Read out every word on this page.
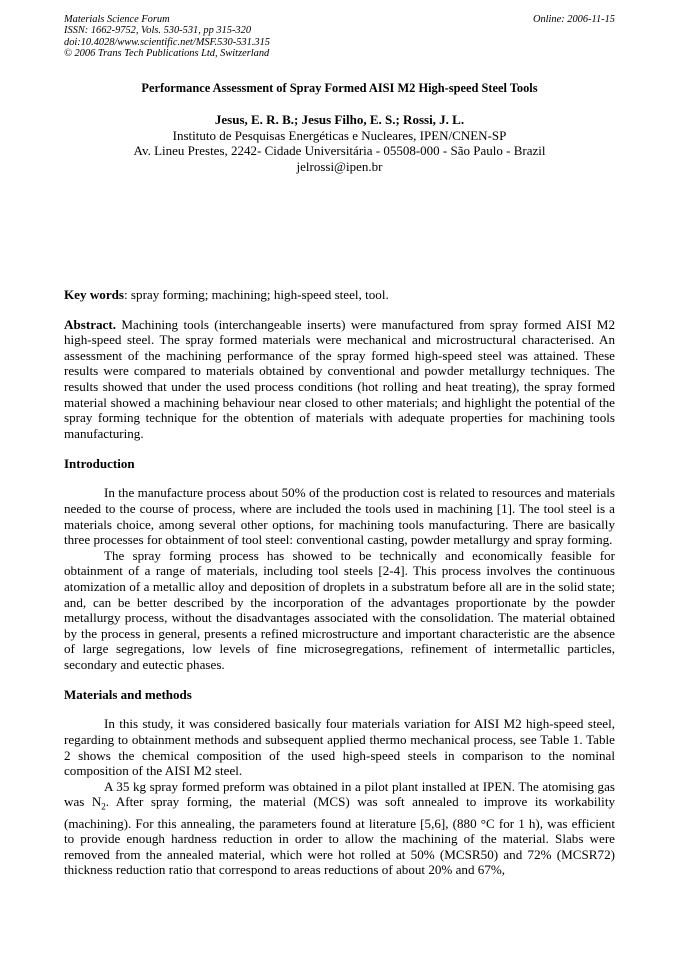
Materials Science Forum	Online: 2006-11-15
ISSN: 1662-9752, Vols. 530-531, pp 315-320
doi:10.4028/www.scientific.net/MSF.530-531.315
© 2006 Trans Tech Publications Ltd, Switzerland
Performance Assessment of Spray Formed AISI M2 High-speed Steel Tools
Jesus, E. R. B.; Jesus Filho, E. S.; Rossi, J. L.
Instituto de Pesquisas Energéticas e Nucleares, IPEN/CNEN-SP
Av. Lineu Prestes, 2242- Cidade Universitária - 05508-000 - São Paulo - Brazil
jelrossi@ipen.br

Key words: spray forming; machining; high-speed steel, tool.

Abstract. Machining tools (interchangeable inserts) were manufactured from spray formed AISI M2 high-speed steel. The spray formed materials were mechanical and microstructural characterised. An assessment of the machining performance of the spray formed high-speed steel was attained. These results were compared to materials obtained by conventional and powder metallurgy techniques. The results showed that under the used process conditions (hot rolling and heat treating), the spray formed material showed a machining behaviour near closed to other materials; and highlight the potential of the spray forming technique for the obtention of materials with adequate properties for machining tools manufacturing.

Introduction

In the manufacture process about 50% of the production cost is related to resources and materials needed to the course of process, where are included the tools used in machining [1]. The tool steel is a materials choice, among several other options, for machining tools manufacturing. There are basically three processes for obtainment of tool steel: conventional casting, powder metallurgy and spray forming.

The spray forming process has showed to be technically and economically feasible for obtainment of a range of materials, including tool steels [2-4]. This process involves the continuous atomization of a metallic alloy and deposition of droplets in a substratum before all are in the solid state; and, can be better described by the incorporation of the advantages proportionate by the powder metallurgy process, without the disadvantages associated with the consolidation. The material obtained by the process in general, presents a refined microstructure and important characteristic are the absence of large segregations, low levels of fine microsegregations, refinement of intermetallic particles, secondary and eutectic phases.

Materials and methods

In this study, it was considered basically four materials variation for AISI M2 high-speed steel, regarding to obtainment methods and subsequent applied thermo mechanical process, see Table 1. Table 2 shows the chemical composition of the used high-speed steels in comparison to the nominal composition of the AISI M2 steel.

A 35 kg spray formed preform was obtained in a pilot plant installed at IPEN. The atomising gas was $N_2$. After spray forming, the material (MCS) was soft annealed to improve its workability (machining). For this annealing, the parameters found at literature [5,6], (880 °C for 1 h), was efficient to provide enough hardness reduction in order to allow the machining of the material. Slabs were removed from the annealed material, which were hot rolled at 50% (MCSR50) and 72% (MCSR72) thickness reduction ratio that correspond to areas reductions of about 20% and 67%,
